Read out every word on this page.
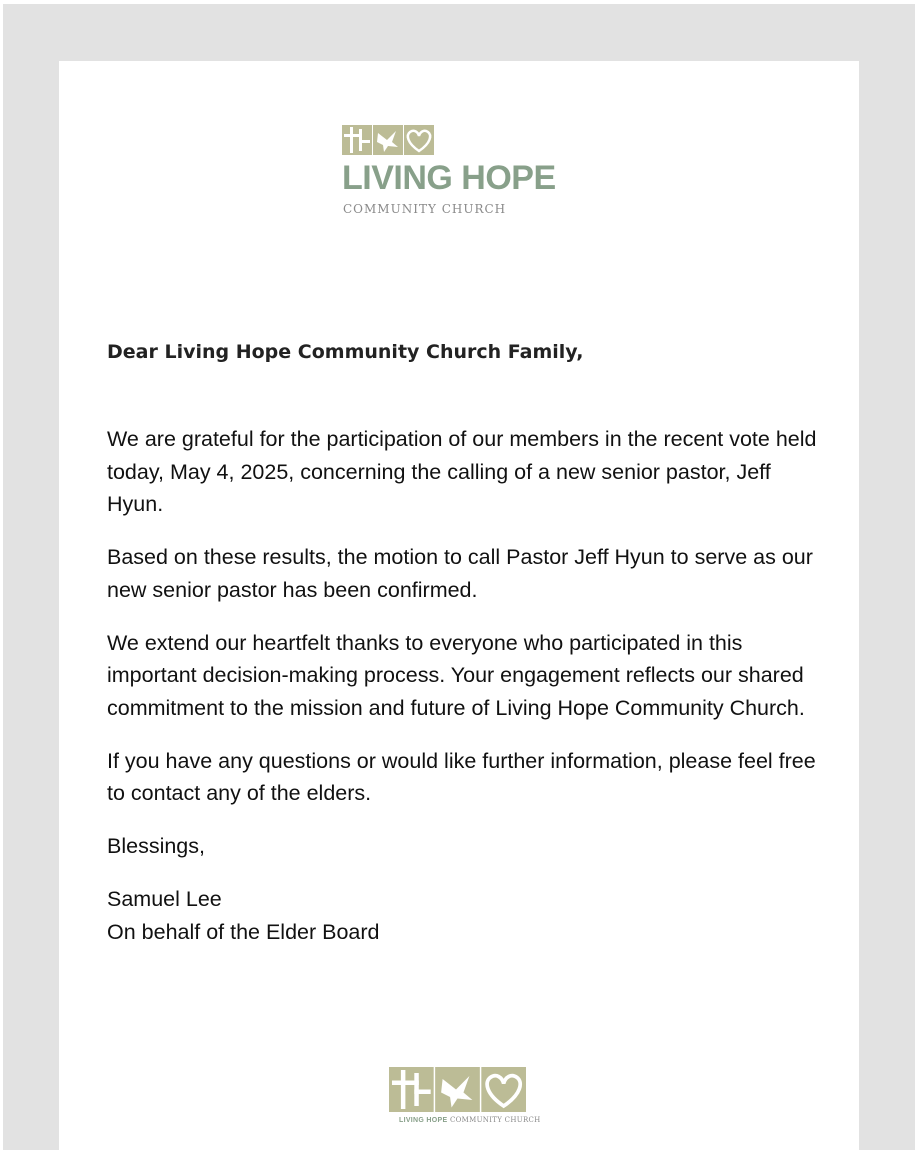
LIVING HOPE
COMMUNITY CHURCH

Dear Living Hope Community Church Family,

We are grateful for the participation of our members in the recent vote held today, May 4, 2025, concerning the calling of a new senior pastor, Jeff Hyun.

Based on these results, the motion to call Pastor Jeff Hyun to serve as our new senior pastor has been confirmed.

We extend our heartfelt thanks to everyone who participated in this important decision-making process. Your engagement reflects our shared commitment to the mission and future of Living Hope Community Church.

If you have any questions or would like further information, please feel free to contact any of the elders.

Blessings,

Samuel Lee
On behalf of the Elder Board

LIVING HOPE COMMUNITY CHURCH
